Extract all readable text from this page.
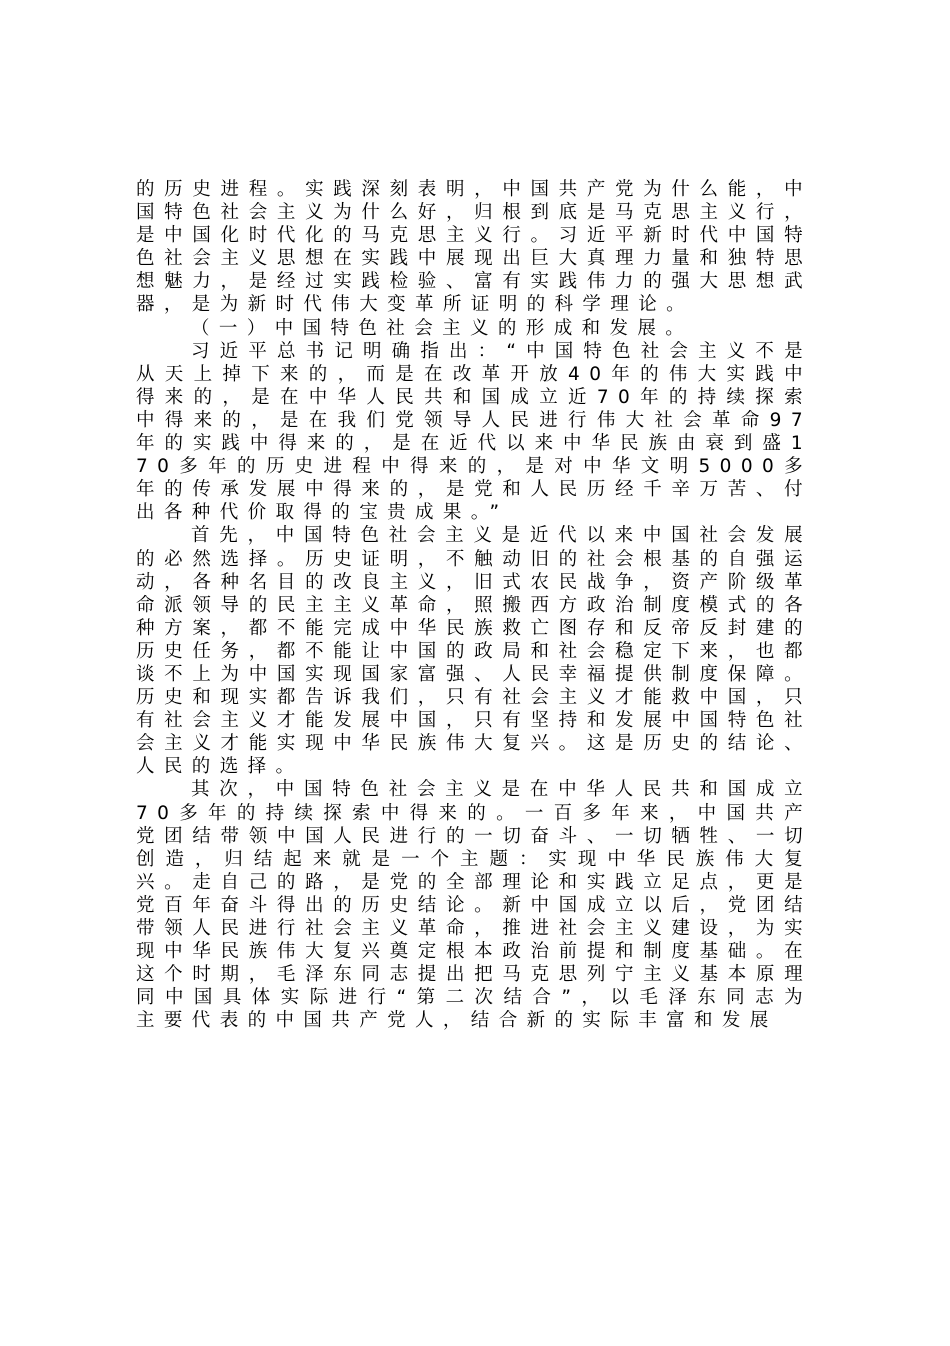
的历史进程。实践深刻表明，中国共产党为什么能，中国特色社会主义为什么好，归根到底是马克思主义行，是中国化时代化的马克思主义行。习近平新时代中国特色社会主义思想在实践中展现出巨大真理力量和独特思想魅力，是经过实践检验、富有实践伟力的强大思想武器，是为新时代伟大变革所证明的科学理论。

（一）中国特色社会主义的形成和发展。

习近平总书记明确指出：“中国特色社会主义不是从天上掉下来的，而是在改革开放40年的伟大实践中得来的，是在中华人民共和国成立近70年的持续探索中得来的，是在我们党领导人民进行伟大社会革命97年的实践中得来的，是在近代以来中华民族由衰到盛170多年的历史进程中得来的，是对中华文明5000多年的传承发展中得来的，是党和人民历经千辛万苦、付出各种代价取得的宝贵成果。”

首先，中国特色社会主义是近代以来中国社会发展的必然选择。历史证明，不触动旧的社会根基的自强运动，各种名目的改良主义，旧式农民战争，资产阶级革命派领导的民主主义革命，照搬西方政治制度模式的各种方案，都不能完成中华民族救亡图存和反帝反封建的历史任务，都不能让中国的政局和社会稳定下来，也都谈不上为中国实现国家富强、人民幸福提供制度保障。历史和现实都告诉我们，只有社会主义才能救中国，只有社会主义才能发展中国，只有坚持和发展中国特色社会主义才能实现中华民族伟大复兴。这是历史的结论、人民的选择。

其次，中国特色社会主义是在中华人民共和国成立70多年的持续探索中得来的。一百多年来，中国共产党团结带领中国人民进行的一切奋斗、一切牺牲、一切创造，归结起来就是一个主题：实现中华民族伟大复兴。走自己的路，是党的全部理论和实践立足点，更是党百年奋斗得出的历史结论。新中国成立以后，党团结带领人民进行社会主义革命，推进社会主义建设，为实现中华民族伟大复兴奠定根本政治前提和制度基础。在这个时期，毛泽东同志提出把马克思列宁主义基本原理同中国具体实际进行“第二次结合”，以毛泽东同志为主要代表的中国共产党人，结合新的实际丰富和发展
